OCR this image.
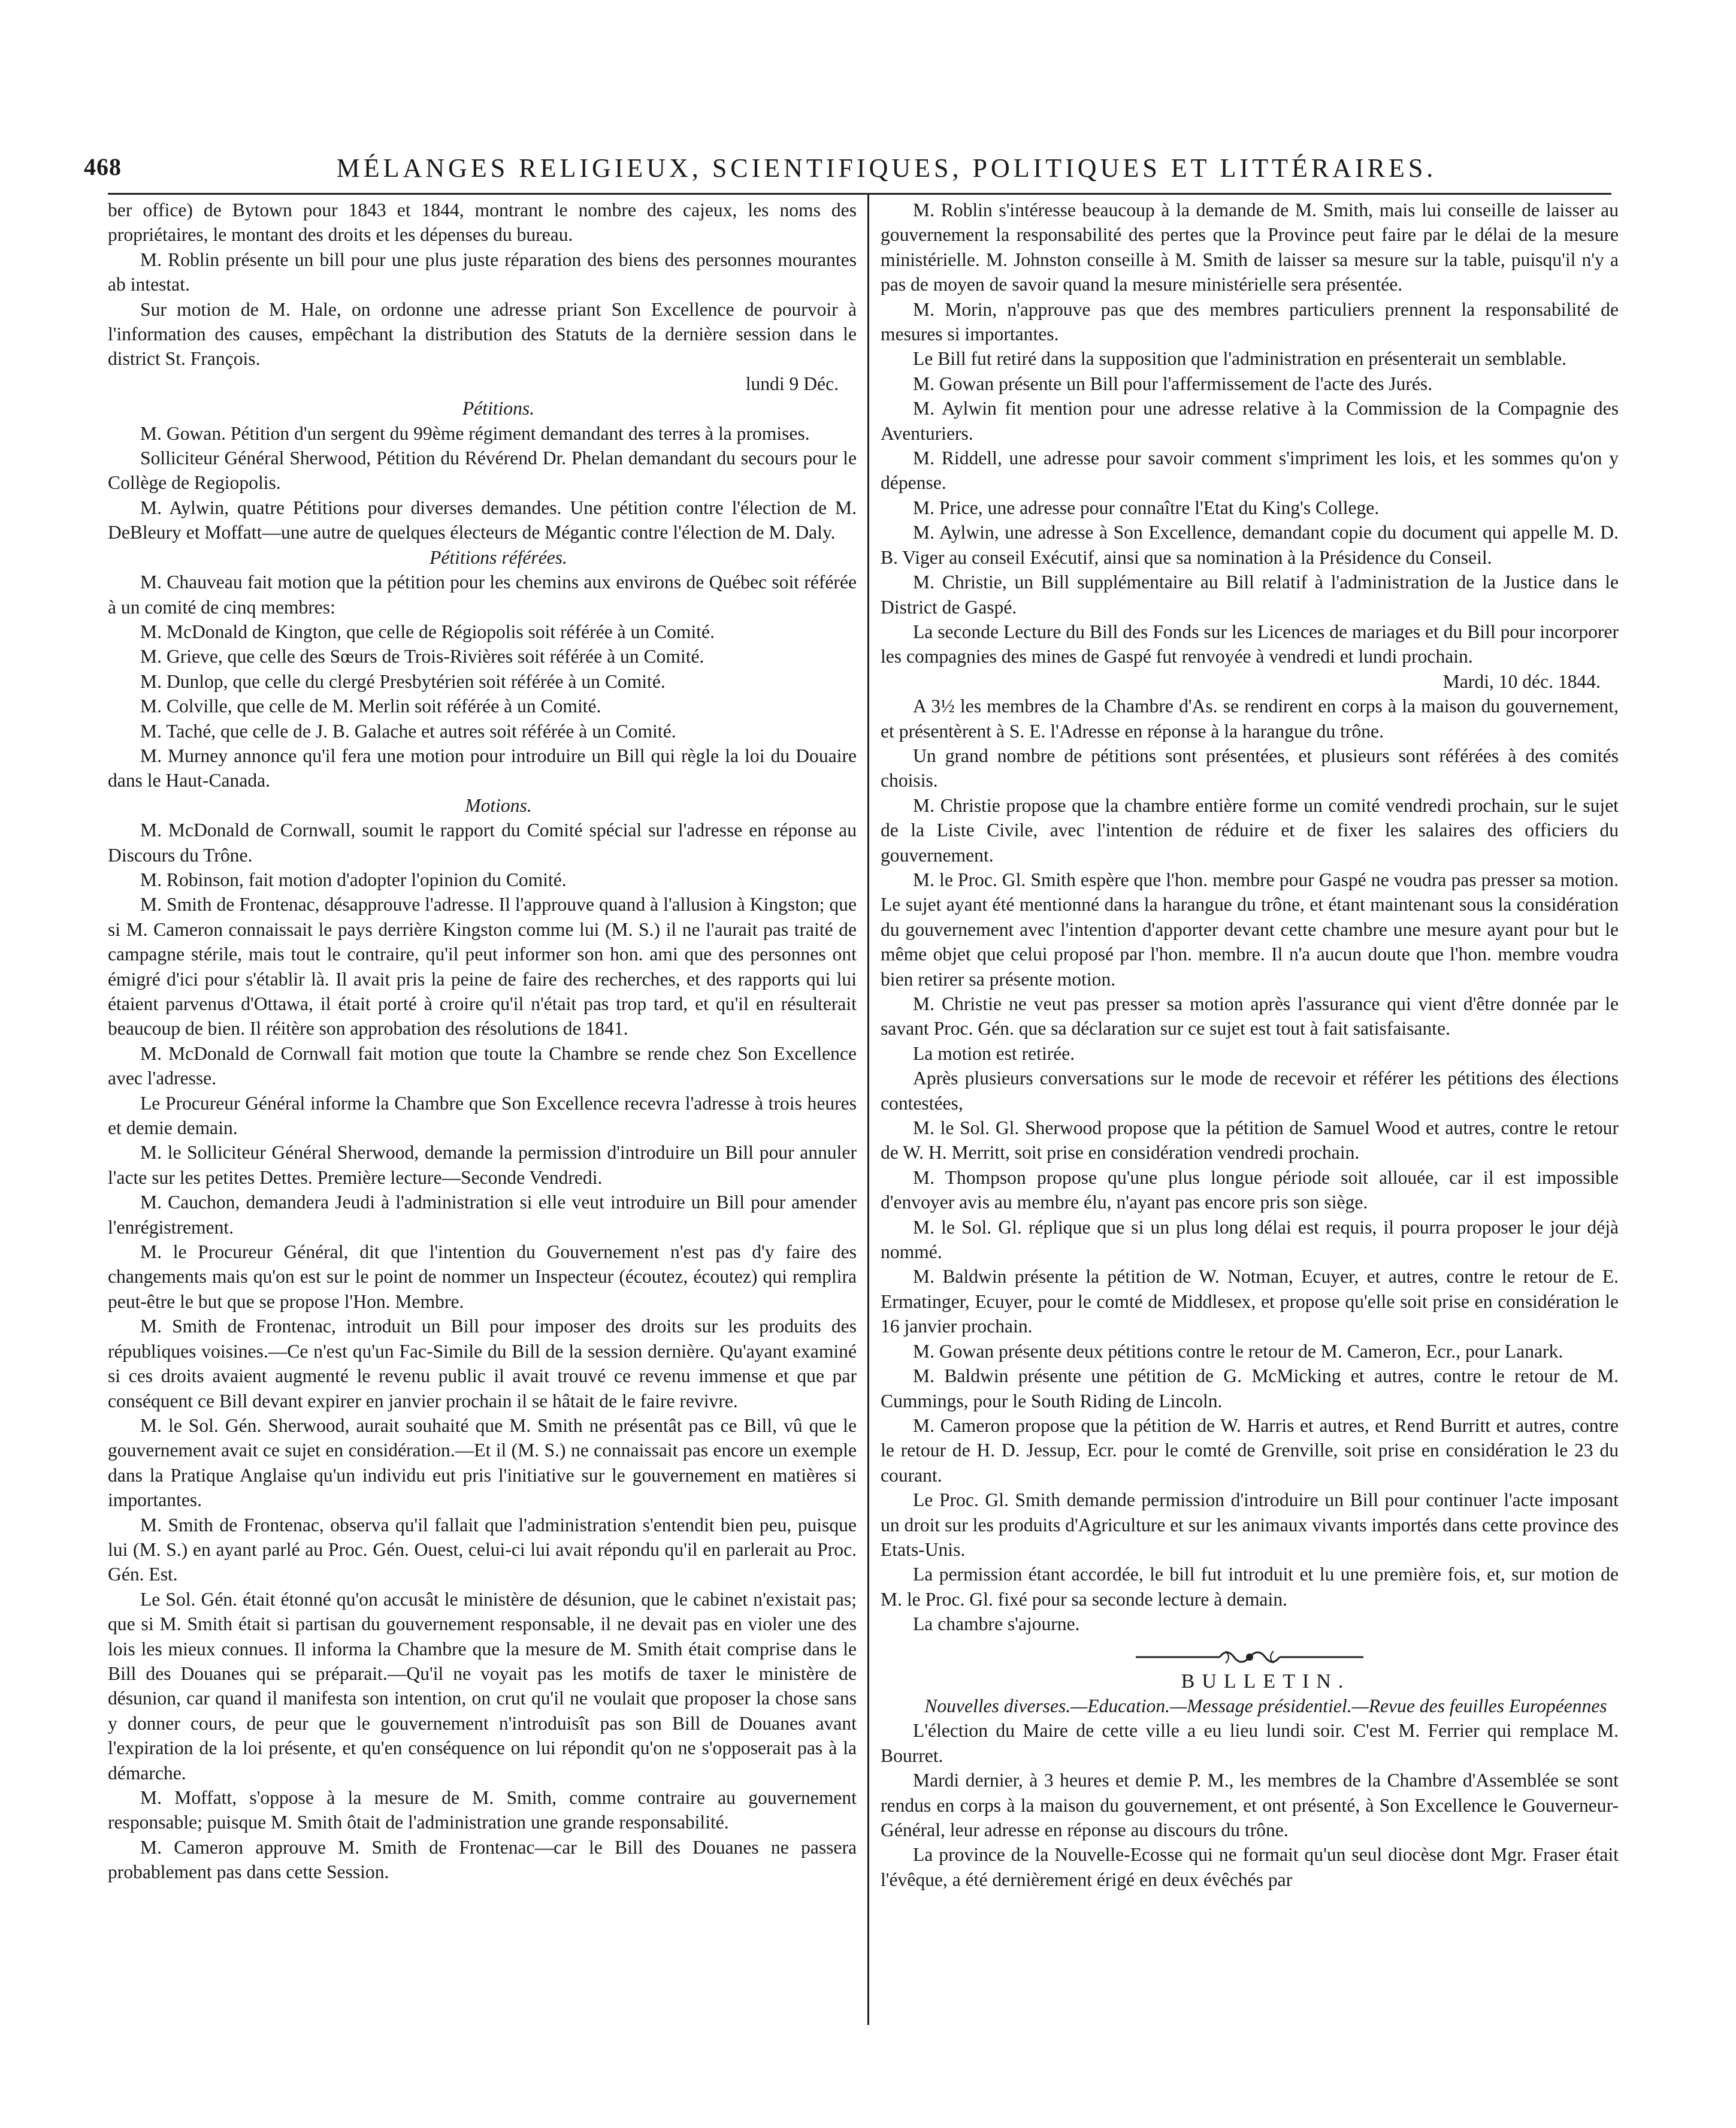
468	MÉLANGES RELIGIEUX, SCIENTIFIQUES, POLITIQUES ET LITTÉRAIRES.

ber office) de Bytown pour 1843 et 1844, montrant le nombre des cajeux, les noms des propriétaires, le montant des droits et les dépenses du bureau.

M. Roblin présente un bill pour une plus juste réparation des biens des personnes mourantes ab intestat.

Sur motion de M. Hale, on ordonne une adresse priant Son Excellence de pourvoir à l'information des causes, empêchant la distribution des Statuts de la dernière session dans le district St. François.

lundi 9 Déc.

Pétitions.

M. Gowan. Pétition d'un sergent du 99ème régiment demandant des terres à la promises.

Solliciteur Général Sherwood, Pétition du Révérend Dr. Phelan demandant du secours pour le Collège de Regiopolis.

M. Aylwin, quatre Pétitions pour diverses demandes. Une pétition contre l'élection de M. DeBleury et Moffatt—une autre de quelques électeurs de Mégantic contre l'élection de M. Daly.

Pétitions référées.

M. Chauveau fait motion que la pétition pour les chemins aux environs de Québec soit référée à un comité de cinq membres:

M. McDonald de Kington, que celle de Régiopolis soit référée à un Comité.

M. Grieve, que celle des Sœurs de Trois-Rivières soit référée à un Comité.

M. Dunlop, que celle du clergé Presbytérien soit référée à un Comité.

M. Colville, que celle de M. Merlin soit référée à un Comité.

M. Taché, que celle de J. B. Galache et autres soit référée à un Comité.

M. Murney annonce qu'il fera une motion pour introduire un Bill qui règle la loi du Douaire dans le Haut-Canada.

Motions.

M. McDonald de Cornwall, soumit le rapport du Comité spécial sur l'adresse en réponse au Discours du Trône.

M. Robinson, fait motion d'adopter l'opinion du Comité.

M. Smith de Frontenac, désapprouve l'adresse. Il l'approuve quand à l'allusion à Kingston; que si M. Cameron connaissait le pays derrière Kingston comme lui (M. S.) il ne l'aurait pas traité de campagne stérile, mais tout le contraire, qu'il peut informer son hon. ami que des personnes ont émigré d'ici pour s'établir là. Il avait pris la peine de faire des recherches, et des rapports qui lui étaient parvenus d'Ottawa, il était porté à croire qu'il n'était pas trop tard, et qu'il en résulterait beaucoup de bien. Il réitère son approbation des résolutions de 1841.

M. McDonald de Cornwall fait motion que toute la Chambre se rende chez Son Excellence avec l'adresse.

Le Procureur Général informe la Chambre que Son Excellence recevra l'adresse à trois heures et demie demain.

M. le Solliciteur Général Sherwood, demande la permission d'introduire un Bill pour annuler l'acte sur les petites Dettes. Première lecture—Seconde Vendredi.

M. Cauchon, demandera Jeudi à l'administration si elle veut introduire un Bill pour amender l'enrégistrement.

M. le Procureur Général, dit que l'intention du Gouvernement n'est pas d'y faire des changements mais qu'on est sur le point de nommer un Inspecteur (écoutez, écoutez) qui remplira peut-être le but que se propose l'Hon. Membre.

M. Smith de Frontenac, introduit un Bill pour imposer des droits sur les produits des républiques voisines.—Ce n'est qu'un Fac-Simile du Bill de la session dernière. Qu'ayant examiné si ces droits avaient augmenté le revenu public il avait trouvé ce revenu immense et que par conséquent ce Bill devant expirer en janvier prochain il se hâtait de le faire revivre.

M. le Sol. Gén. Sherwood, aurait souhaité que M. Smith ne présentât pas ce Bill, vû que le gouvernement avait ce sujet en considération.—Et il (M. S.) ne connaissait pas encore un exemple dans la Pratique Anglaise qu'un individu eut pris l'initiative sur le gouvernement en matières si importantes.

M. Smith de Frontenac, observa qu'il fallait que l'administration s'entendit bien peu, puisque lui (M. S.) en ayant parlé au Proc. Gén. Ouest, celui-ci lui avait répondu qu'il en parlerait au Proc. Gén. Est.

Le Sol. Gén. était étonné qu'on accusât le ministère de désunion, que le cabinet n'existait pas; que si M. Smith était si partisan du gouvernement responsable, il ne devait pas en violer une des lois les mieux connues. Il informa la Chambre que la mesure de M. Smith était comprise dans le Bill des Douanes qui se préparait.—Qu'il ne voyait pas les motifs de taxer le ministère de désunion, car quand il manifesta son intention, on crut qu'il ne voulait que proposer la chose sans y donner cours, de peur que le gouvernement n'introduisît pas son Bill de Douanes avant l'expiration de la loi présente, et qu'en conséquence on lui répondit qu'on ne s'opposerait pas à la démarche.

M. Moffatt, s'oppose à la mesure de M. Smith, comme contraire au gouvernement responsable; puisque M. Smith ôtait de l'administration une grande responsabilité.

M. Cameron approuve M. Smith de Frontenac—car le Bill des Douanes ne passera probablement pas dans cette Session.

M. Roblin s'intéresse beaucoup à la demande de M. Smith, mais lui conseille de laisser au gouvernement la responsabilité des pertes que la Province peut faire par le délai de la mesure ministérielle. M. Johnston conseille à M. Smith de laisser sa mesure sur la table, puisqu'il n'y a pas de moyen de savoir quand la mesure ministérielle sera présentée.

M. Morin, n'approuve pas que des membres particuliers prennent la responsabilité de mesures si importantes.

Le Bill fut retiré dans la supposition que l'administration en présenterait un semblable.

M. Gowan présente un Bill pour l'affermissement de l'acte des Jurés.

M. Aylwin fit mention pour une adresse relative à la Commission de la Compagnie des Aventuriers.

M. Riddell, une adresse pour savoir comment s'impriment les lois, et les sommes qu'on y dépense.

M. Price, une adresse pour connaître l'Etat du King's College.

M. Aylwin, une adresse à Son Excellence, demandant copie du document qui appelle M. D. B. Viger au conseil Exécutif, ainsi que sa nomination à la Présidence du Conseil.

M. Christie, un Bill supplémentaire au Bill relatif à l'administration de la Justice dans le District de Gaspé.

La seconde Lecture du Bill des Fonds sur les Licences de mariages et du Bill pour incorporer les compagnies des mines de Gaspé fut renvoyée à vendredi et lundi prochain.

Mardi, 10 déc. 1844.

A 3½ les membres de la Chambre d'As. se rendirent en corps à la maison du gouvernement, et présentèrent à S. E. l'Adresse en réponse à la harangue du trône.

Un grand nombre de pétitions sont présentées, et plusieurs sont référées à des comités choisis.

M. Christie propose que la chambre entière forme un comité vendredi prochain, sur le sujet de la Liste Civile, avec l'intention de réduire et de fixer les salaires des officiers du gouvernement.

M. le Proc. Gl. Smith espère que l'hon. membre pour Gaspé ne voudra pas presser sa motion. Le sujet ayant été mentionné dans la harangue du trône, et étant maintenant sous la considération du gouvernement avec l'intention d'apporter devant cette chambre une mesure ayant pour but le même objet que celui proposé par l'hon. membre. Il n'a aucun doute que l'hon. membre voudra bien retirer sa présente motion.

M. Christie ne veut pas presser sa motion après l'assurance qui vient d'être donnée par le savant Proc. Gén. que sa déclaration sur ce sujet est tout à fait satisfaisante.

La motion est retirée.

Après plusieurs conversations sur le mode de recevoir et référer les pétitions des élections contestées,

M. le Sol. Gl. Sherwood propose que la pétition de Samuel Wood et autres, contre le retour de W. H. Merritt, soit prise en considération vendredi prochain.

M. Thompson propose qu'une plus longue période soit allouée, car il est impossible d'envoyer avis au membre élu, n'ayant pas encore pris son siège.

M. le Sol. Gl. réplique que si un plus long délai est requis, il pourra proposer le jour déjà nommé.

M. Baldwin présente la pétition de W. Notman, Ecuyer, et autres, contre le retour de E. Ermatinger, Ecuyer, pour le comté de Middlesex, et propose qu'elle soit prise en considération le 16 janvier prochain.

M. Gowan présente deux pétitions contre le retour de M. Cameron, Ecr., pour Lanark.

M. Baldwin présente une pétition de G. McMicking et autres, contre le retour de M. Cummings, pour le South Riding de Lincoln.

M. Cameron propose que la pétition de W. Harris et autres, et Rend Burritt et autres, contre le retour de H. D. Jessup, Ecr. pour le comté de Grenville, soit prise en considération le 23 du courant.

Le Proc. Gl. Smith demande permission d'introduire un Bill pour continuer l'acte imposant un droit sur les produits d'Agriculture et sur les animaux vivants importés dans cette province des Etats-Unis.

La permission étant accordée, le bill fut introduit et lu une première fois, et, sur motion de M. le Proc. Gl. fixé pour sa seconde lecture à demain.

La chambre s'ajourne.

BULLETIN.

Nouvelles diverses.—Education.—Message présidentiel.—Revue des feuilles Européennes

L'élection du Maire de cette ville a eu lieu lundi soir. C'est M. Ferrier qui remplace M. Bourret.

Mardi dernier, à 3 heures et demie P. M., les membres de la Chambre d'Assemblée se sont rendus en corps à la maison du gouvernement, et ont présenté, à Son Excellence le Gouverneur-Général, leur adresse en réponse au discours du trône.

La province de la Nouvelle-Ecosse qui ne formait qu'un seul diocèse dont Mgr. Fraser était l'évêque, a été dernièrement érigé en deux évêchés par
